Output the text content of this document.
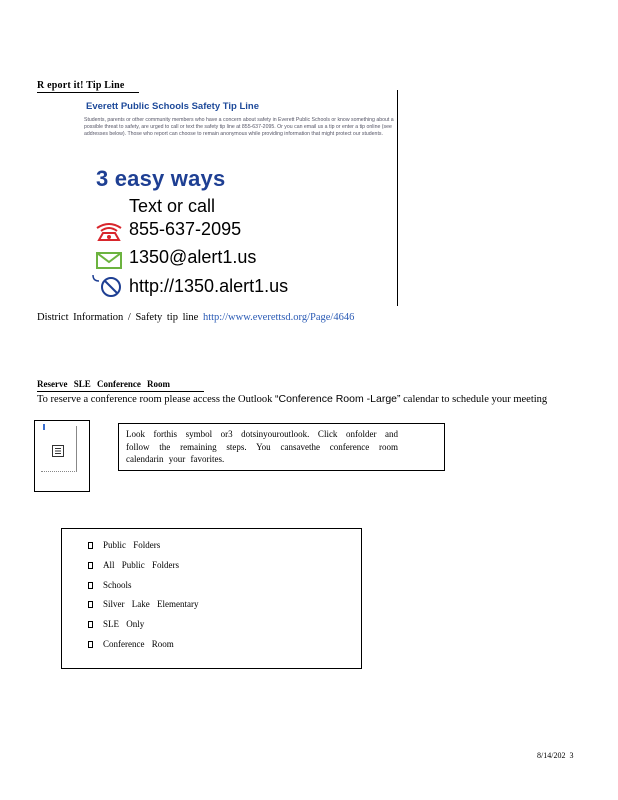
R eport it! Tip Line
Everett Public Schools Safety Tip Line
Students, parents or other community members who have a concern about safety in Everett Public Schools or know something about a possible threat to safety, are urged to call or text the safety tip line at 855-637-2095. Or you can email us a tip or enter a tip online (see addresses below). Those who report can choose to remain anonymous while providing information that might protect our students.
3 easy ways
Text or call
855-637-2095
1350@alert1.us
http://1350.alert1.us
District Information / Safety tip line http://www.everettsd.org/Page/4646
Reserve SLE Conference Room
To reserve a conference room please access the Outlook “Conference Room -Large” calendar to schedule your meeting
Look forthis symbol or3 dotsinyouroutlook. Click onfolder and follow the remaining steps. You cansavethe conference room calendarin your favorites.
Public Folders
All Public Folders
Schools
Silver Lake Elementary
SLE Only
Conference Room
8/14/202 3
